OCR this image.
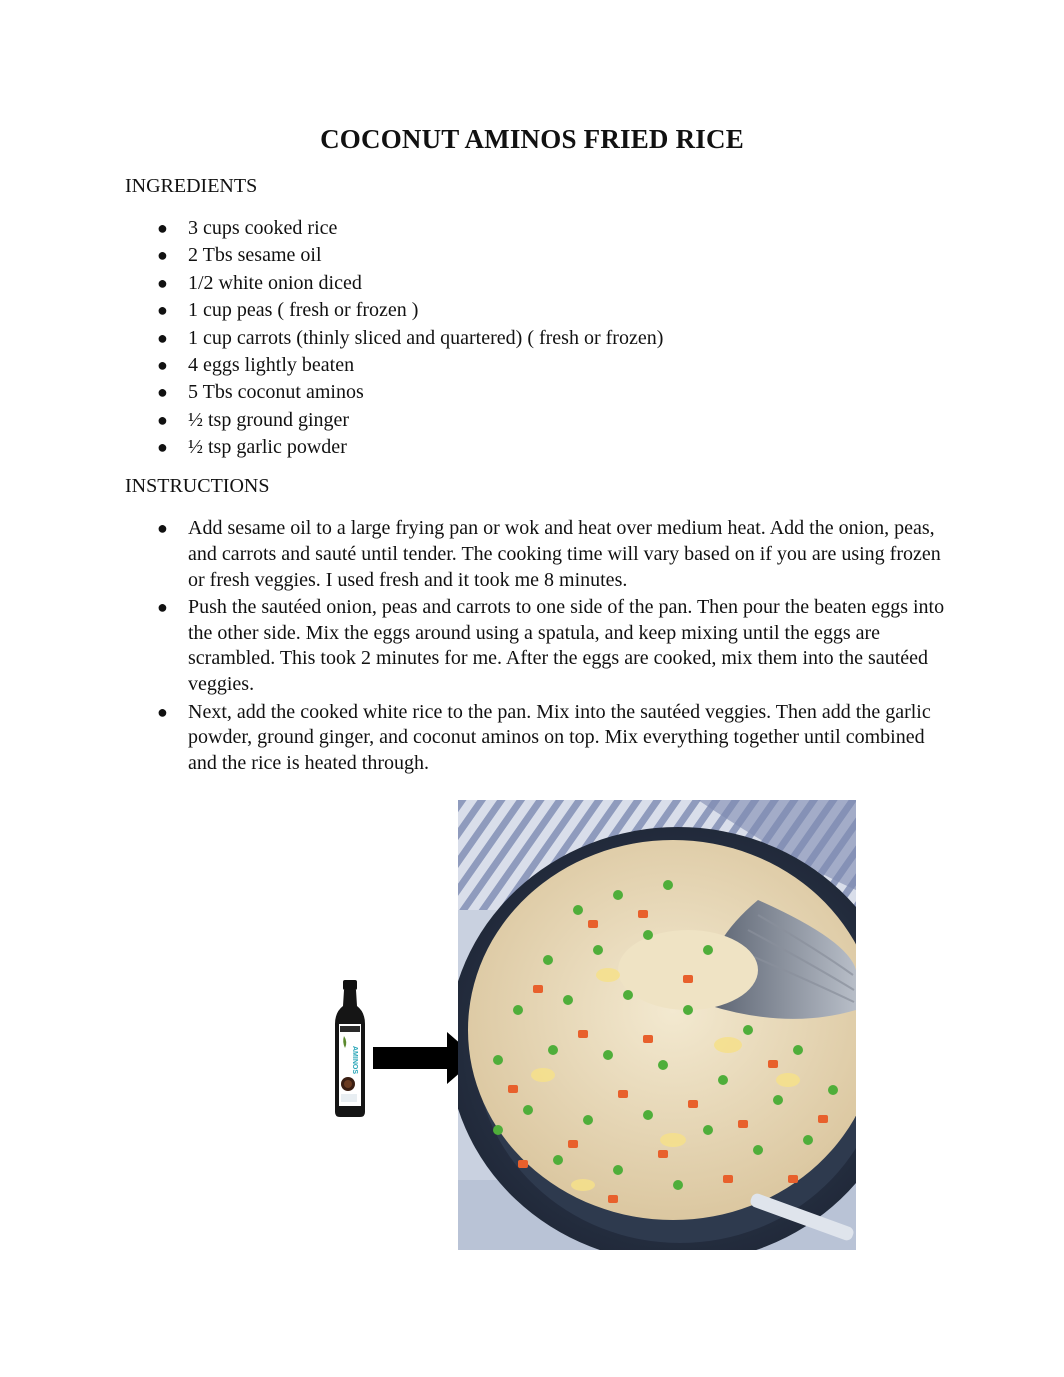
COCONUT AMINOS FRIED RICE
INGREDIENTS
● 3 cups cooked rice
● 2 Tbs sesame oil
● 1/2 white onion diced
● 1 cup peas ( fresh or frozen )
● 1 cup carrots (thinly sliced and quartered) ( fresh or frozen)
● 4 eggs lightly beaten
● 5 Tbs coconut aminos
● ½ tsp ground ginger
● ½ tsp garlic powder
INSTRUCTIONS
● Add sesame oil to a large frying pan or wok and heat over medium heat. Add the onion, peas, and carrots and sauté until tender. The cooking time will vary based on if you are using frozen or fresh veggies. I used fresh and it took me 8 minutes.
● Push the sautéed onion, peas and carrots to one side of the pan. Then pour the beaten eggs into the other side. Mix the eggs around using a spatula, and keep mixing until the eggs are scrambled. This took 2 minutes for me. After the eggs are cooked, mix them into the sautéed veggies.
● Next, add the cooked white rice to the pan. Mix into the sautéed veggies. Then add the garlic powder, ground ginger, and coconut aminos on top. Mix everything together until combined and the rice is heated through.
AMINOS
